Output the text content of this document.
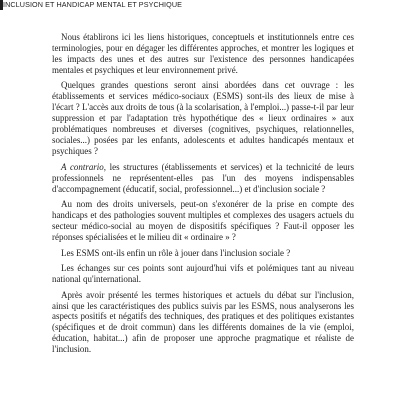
INCLUSION ET HANDICAP MENTAL ET PSYCHIQUE

Nous établirons ici les liens historiques, conceptuels et institutionnels entre ces terminologies, pour en dégager les différentes approches, et montrer les logiques et les impacts des unes et des autres sur l'existence des personnes handicapées mentales et psychiques et leur environnement privé.

Quelques grandes questions seront ainsi abordées dans cet ouvrage : les établissements et services médico-sociaux (ESMS) sont-ils des lieux de mise à l'écart ? L'accès aux droits de tous (à la scolarisation, à l'emploi...) passe-t-il par leur suppression et par l'adaptation très hypothétique des « lieux ordinaires » aux problématiques nombreuses et diverses (cognitives, psychiques, relationnelles, sociales...) posées par les enfants, adolescents et adultes handicapés mentaux et psychiques ?

A contrario, les structures (établissements et services) et la technicité de leurs professionnels ne représentent-elles pas l'un des moyens indispensables d'accompagnement (éducatif, social, professionnel...) et d'inclusion sociale ?

Au nom des droits universels, peut-on s'exonérer de la prise en compte des handicaps et des pathologies souvent multiples et complexes des usagers actuels du secteur médico-social au moyen de dispositifs spécifiques ? Faut-il opposer les réponses spécialisées et le milieu dit « ordinaire » ?

Les ESMS ont-ils enfin un rôle à jouer dans l'inclusion sociale ?

Les échanges sur ces points sont aujourd'hui vifs et polémiques tant au niveau national qu'international.

Après avoir présenté les termes historiques et actuels du débat sur l'inclusion, ainsi que les caractéristiques des publics suivis par les ESMS, nous analyserons les aspects positifs et négatifs des techniques, des pratiques et des politiques existantes (spécifiques et de droit commun) dans les différents domaines de la vie (emploi, éducation, habitat...) afin de proposer une approche pragmatique et réaliste de l'inclusion.
